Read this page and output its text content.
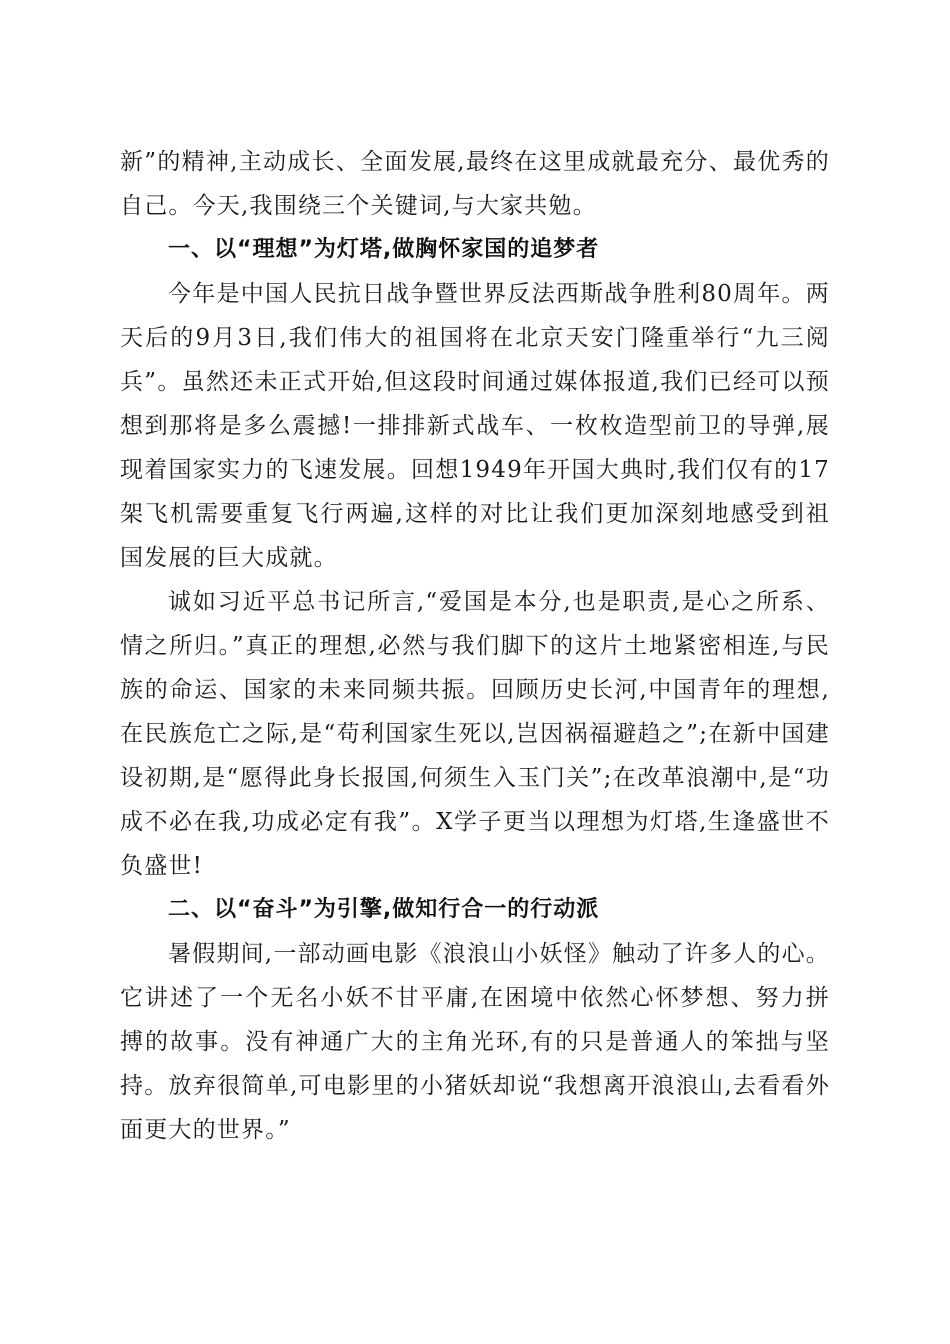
新”的精神,主动成长、全面发展,最终在这里成就最充分、最优秀的自己。今天,我围绕三个关键词,与大家共勉。

一、以“理想”为灯塔,做胸怀家国的追梦者

今年是中国人民抗日战争暨世界反法西斯战争胜利80周年。两天后的9月3日,我们伟大的祖国将在北京天安门隆重举行“九三阅兵”。虽然还未正式开始,但这段时间通过媒体报道,我们已经可以预想到那将是多么震撼!一排排新式战车、一枚枚造型前卫的导弹,展现着国家实力的飞速发展。回想1949年开国大典时,我们仅有的17架飞机需要重复飞行两遍,这样的对比让我们更加深刻地感受到祖国发展的巨大成就。

诚如习近平总书记所言,“爱国是本分,也是职责,是心之所系、情之所归。”真正的理想,必然与我们脚下的这片土地紧密相连,与民族的命运、国家的未来同频共振。回顾历史长河,中国青年的理想,在民族危亡之际,是“苟利国家生死以,岂因祸福避趋之”;在新中国建设初期,是“愿得此身长报国,何须生入玉门关”;在改革浪潮中,是“功成不必在我,功成必定有我”。X学子更当以理想为灯塔,生逢盛世不负盛世!

二、以“奋斗”为引擎,做知行合一的行动派

暑假期间,一部动画电影《浪浪山小妖怪》触动了许多人的心。它讲述了一个无名小妖不甘平庸,在困境中依然心怀梦想、努力拼搏的故事。没有神通广大的主角光环,有的只是普通人的笨拙与坚持。放弃很简单,可电影里的小猪妖却说“我想离开浪浪山,去看看外面更大的世界。”
